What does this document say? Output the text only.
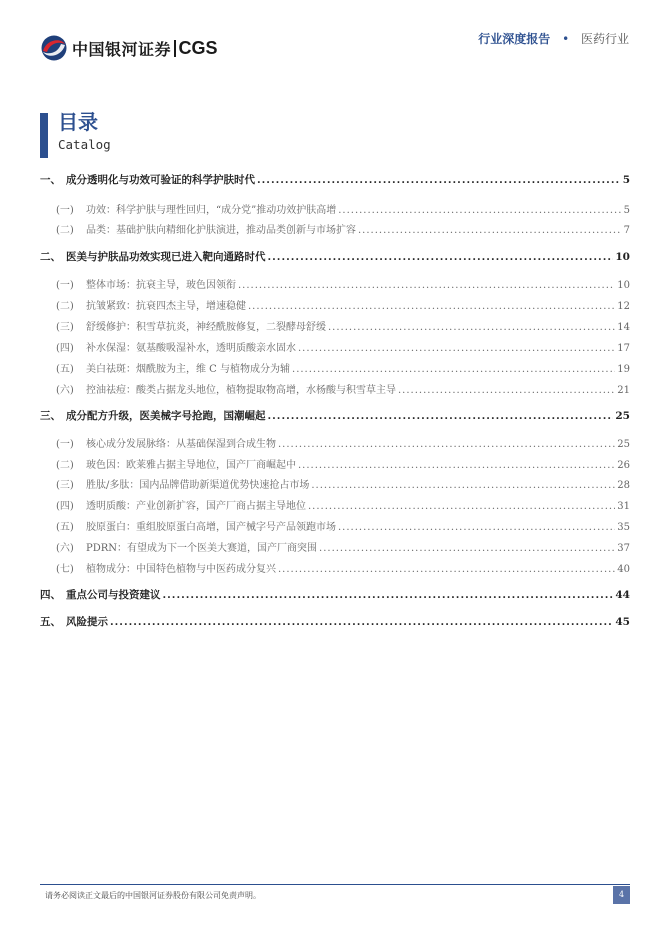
中国银河证券 CGS	行业深度报告 • 医药行业
目录
Catalog
一、 成分透明化与功效可验证的科学护肤时代 .....	5
(一)	功效：科学护肤与理性回归，“成分党”推动功效护肤高增 .....	5
(二)	品类：基础护肤向精细化护肤演进，推动品类创新与市场扩容 .....	7
二、 医美与护肤品功效实现已进入靶向通路时代 .....	10
(一)	整体市场：抗衰主导，玻色因领衔 .....	10
(二)	抗皱紧致：抗衰四杰主导，增速稳健 .....	12
(三)	舒缓修护：积雪草抗炎，神经酰胺修复，二裂酵母舒缓 .....	14
(四)	补水保湿：氨基酸吸湿补水，透明质酸亲水固水 .....	17
(五)	美白祛斑：烟酰胺为主，维 C 与植物成分为辅 .....	19
(六)	控油祛痘：酸类占据龙头地位，植物提取物高增，水杨酸与积雪草主导 .....	21
三、 成分配方升级，医美械字号抢跑，国潮崛起 .....	25
(一)	核心成分发展脉络：从基础保湿到合成生物 .....	25
(二)	玻色因：欧莱雅占据主导地位，国产厂商崛起中 .....	26
(三)	胜肽/多肽：国内品牌借助新渠道优势快速抢占市场 .....	28
(四)	透明质酸：产业创新扩容，国产厂商占据主导地位 .....	31
(五)	胶原蛋白：重组胶原蛋白高增，国产械字号产品领跑市场 .....	35
(六)	PDRN：有望成为下一个医美大赛道，国产厂商突围 .....	37
(七)	植物成分：中国特色植物与中医药成分复兴 .....	40
四、 重点公司与投资建议 .....	44
五、 风险提示 .....	45
请务必阅读正文最后的中国银河证券股份有限公司免责声明。	4
